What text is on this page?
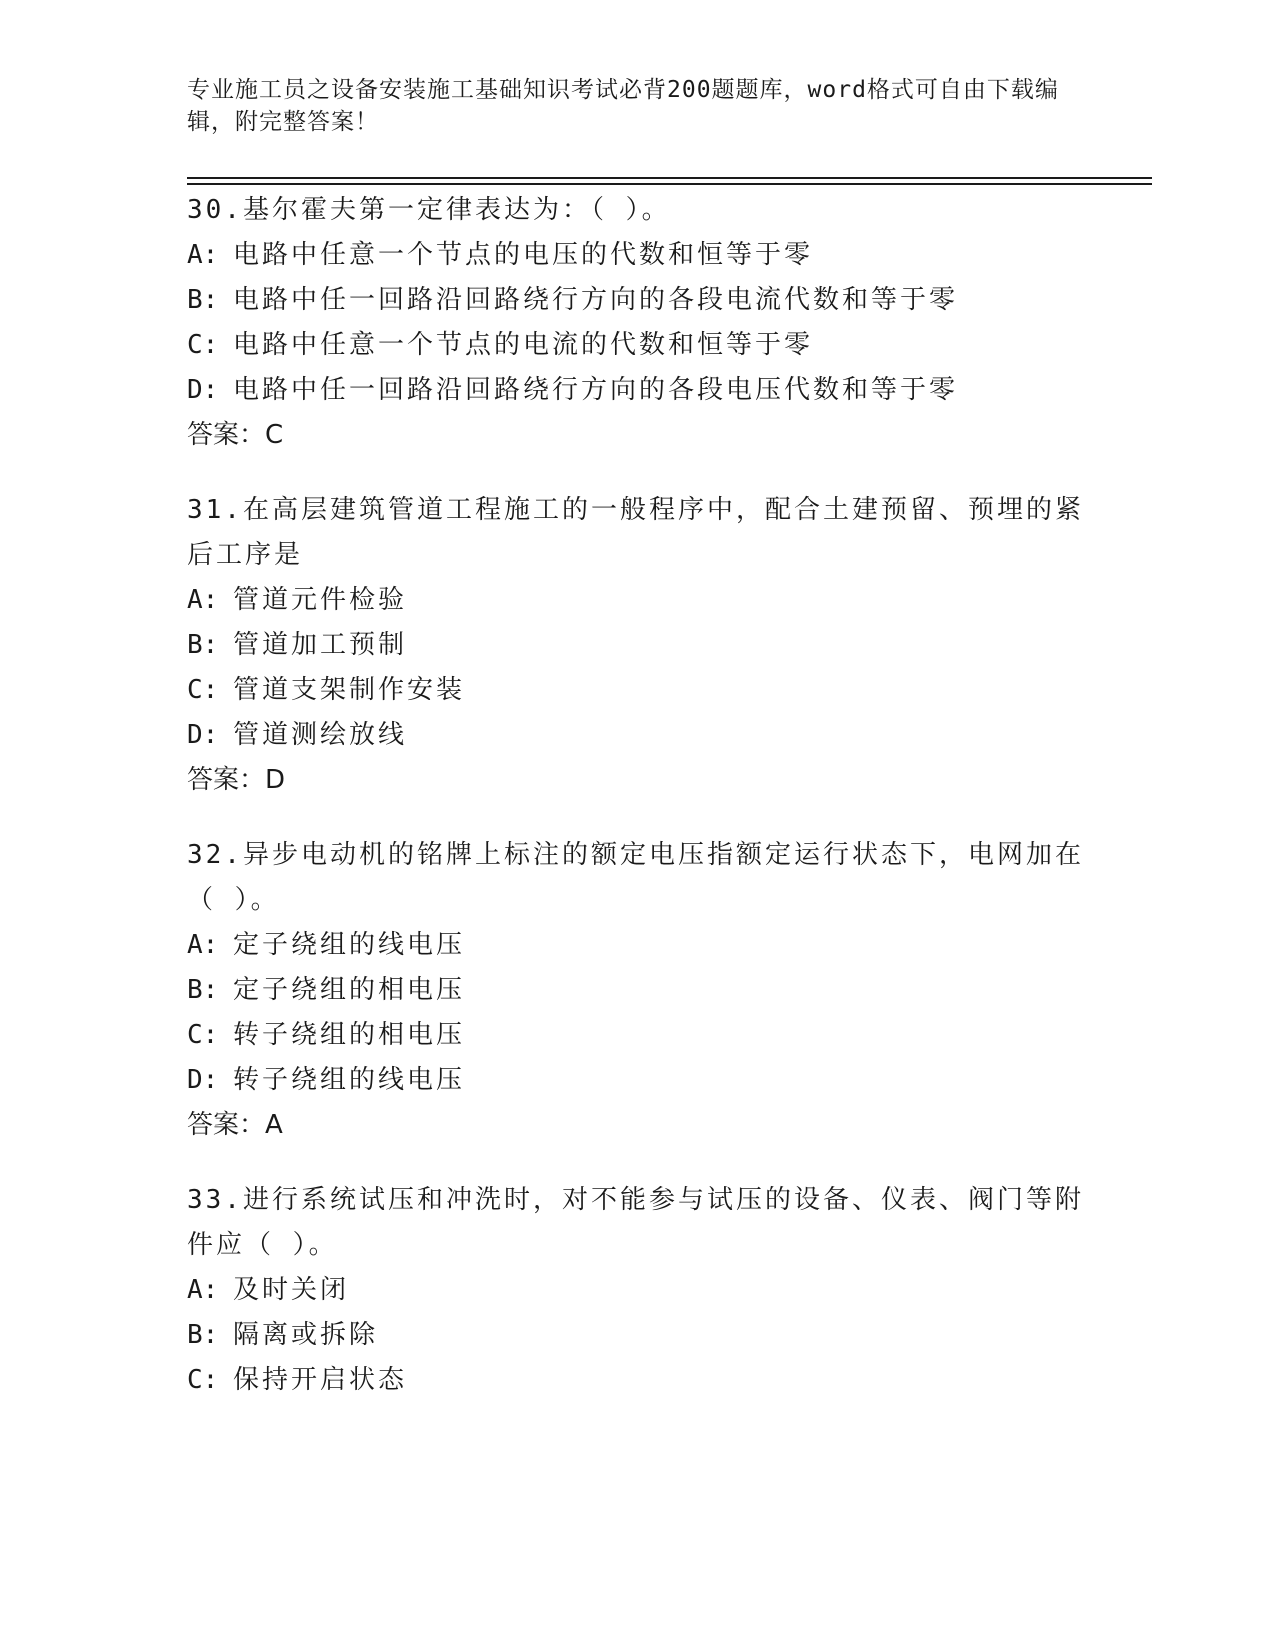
专业施工员之设备安装施工基础知识考试必背200题题库，word格式可自由下载编辑，附完整答案！

30.基尔霍夫第一定律表达为：（ ）。

A: 电路中任意一个节点的电压的代数和恒等于零

B: 电路中任一回路沿回路绕行方向的各段电流代数和等于零

C: 电路中任意一个节点的电流的代数和恒等于零

D: 电路中任一回路沿回路绕行方向的各段电压代数和等于零

答案：C

31.在高层建筑管道工程施工的一般程序中，配合土建预留、预埋的紧后工序是

A: 管道元件检验

B: 管道加工预制

C: 管道支架制作安装

D: 管道测绘放线

答案：D

32.异步电动机的铭牌上标注的额定电压指额定运行状态下，电网加在（ ）。

A: 定子绕组的线电压

B: 定子绕组的相电压

C: 转子绕组的相电压

D: 转子绕组的线电压

答案：A

33.进行系统试压和冲洗时，对不能参与试压的设备、仪表、阀门等附件应（ ）。

A: 及时关闭

B: 隔离或拆除

C: 保持开启状态
